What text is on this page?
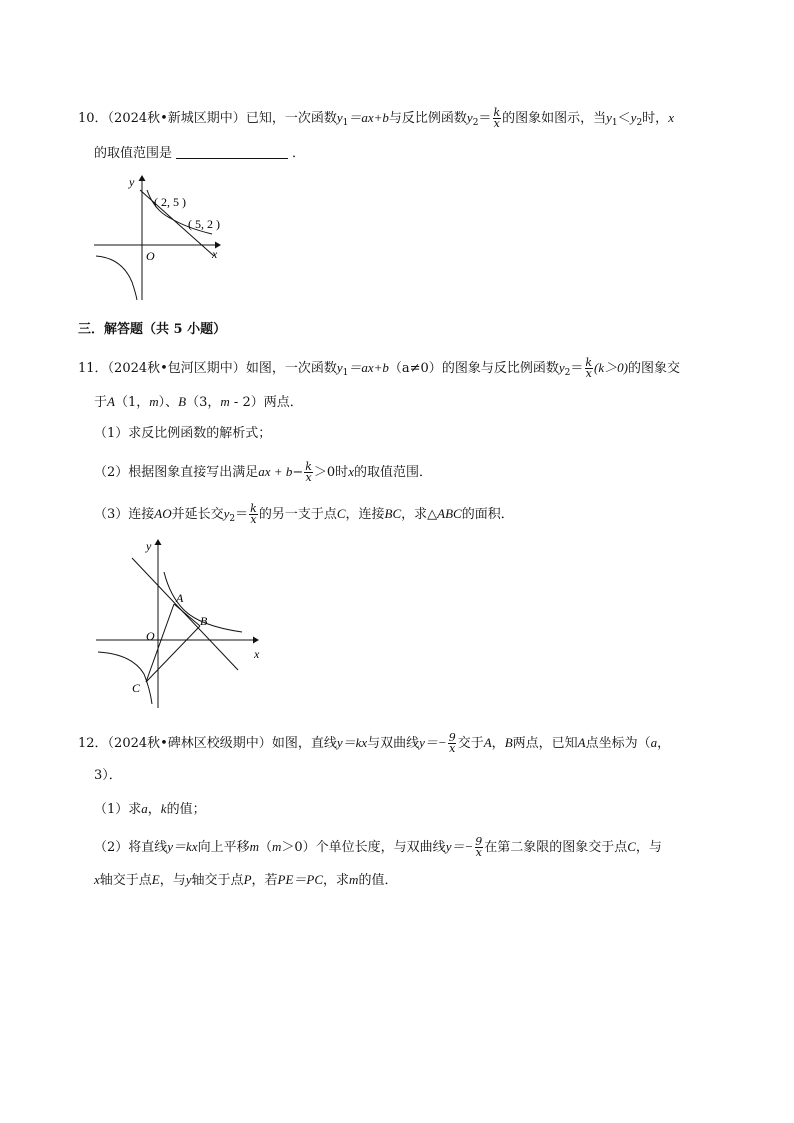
10．（2024秋•新城区期中）已知，一次函数$y_1=ax+b$与反比例函数$y_2= \frac{k}{x}$ 的图象如图示，当$y_1<y_2$时，x
的取值范围是	．
y
x
O
( 2, 5 )
( 5, 2 )
三．解答题（共 5 小题）
11．（2024秋•包河区期中）如图，一次函数$y_1=ax+b(a\ne 0)$的图象与反比例函数$y_2= \frac{k}{x} (k>0)$的图象交
于A（1，m）、B（3，m - 2）两点．
（1）求反比例函数的解析式；
（2）根据图象直接写出满足ax + $b- \frac{k}{x} >0$时x的取值范围．
（3）连接AO并延长交$y_2= \frac{k}{x}$ 的另一支于点C，连接BC，求△ABC的面积．
y
x
O
A
B
C
12．（2024秋•碑林区校级期中）如图，直线y＝kx与双曲线$y=- \frac{9}{x}$ 交于A，B两点，已知A点坐标为（a，
3）．
（1）求a，k的值；
（2）将直线y＝kx向上平移m（m＞0）个单位长度，与双曲线$y=- \frac{9}{x}$ 在第二象限的图象交于点C，与
x轴交于点E，与y轴交于点P，若PE＝PC，求m的值．
